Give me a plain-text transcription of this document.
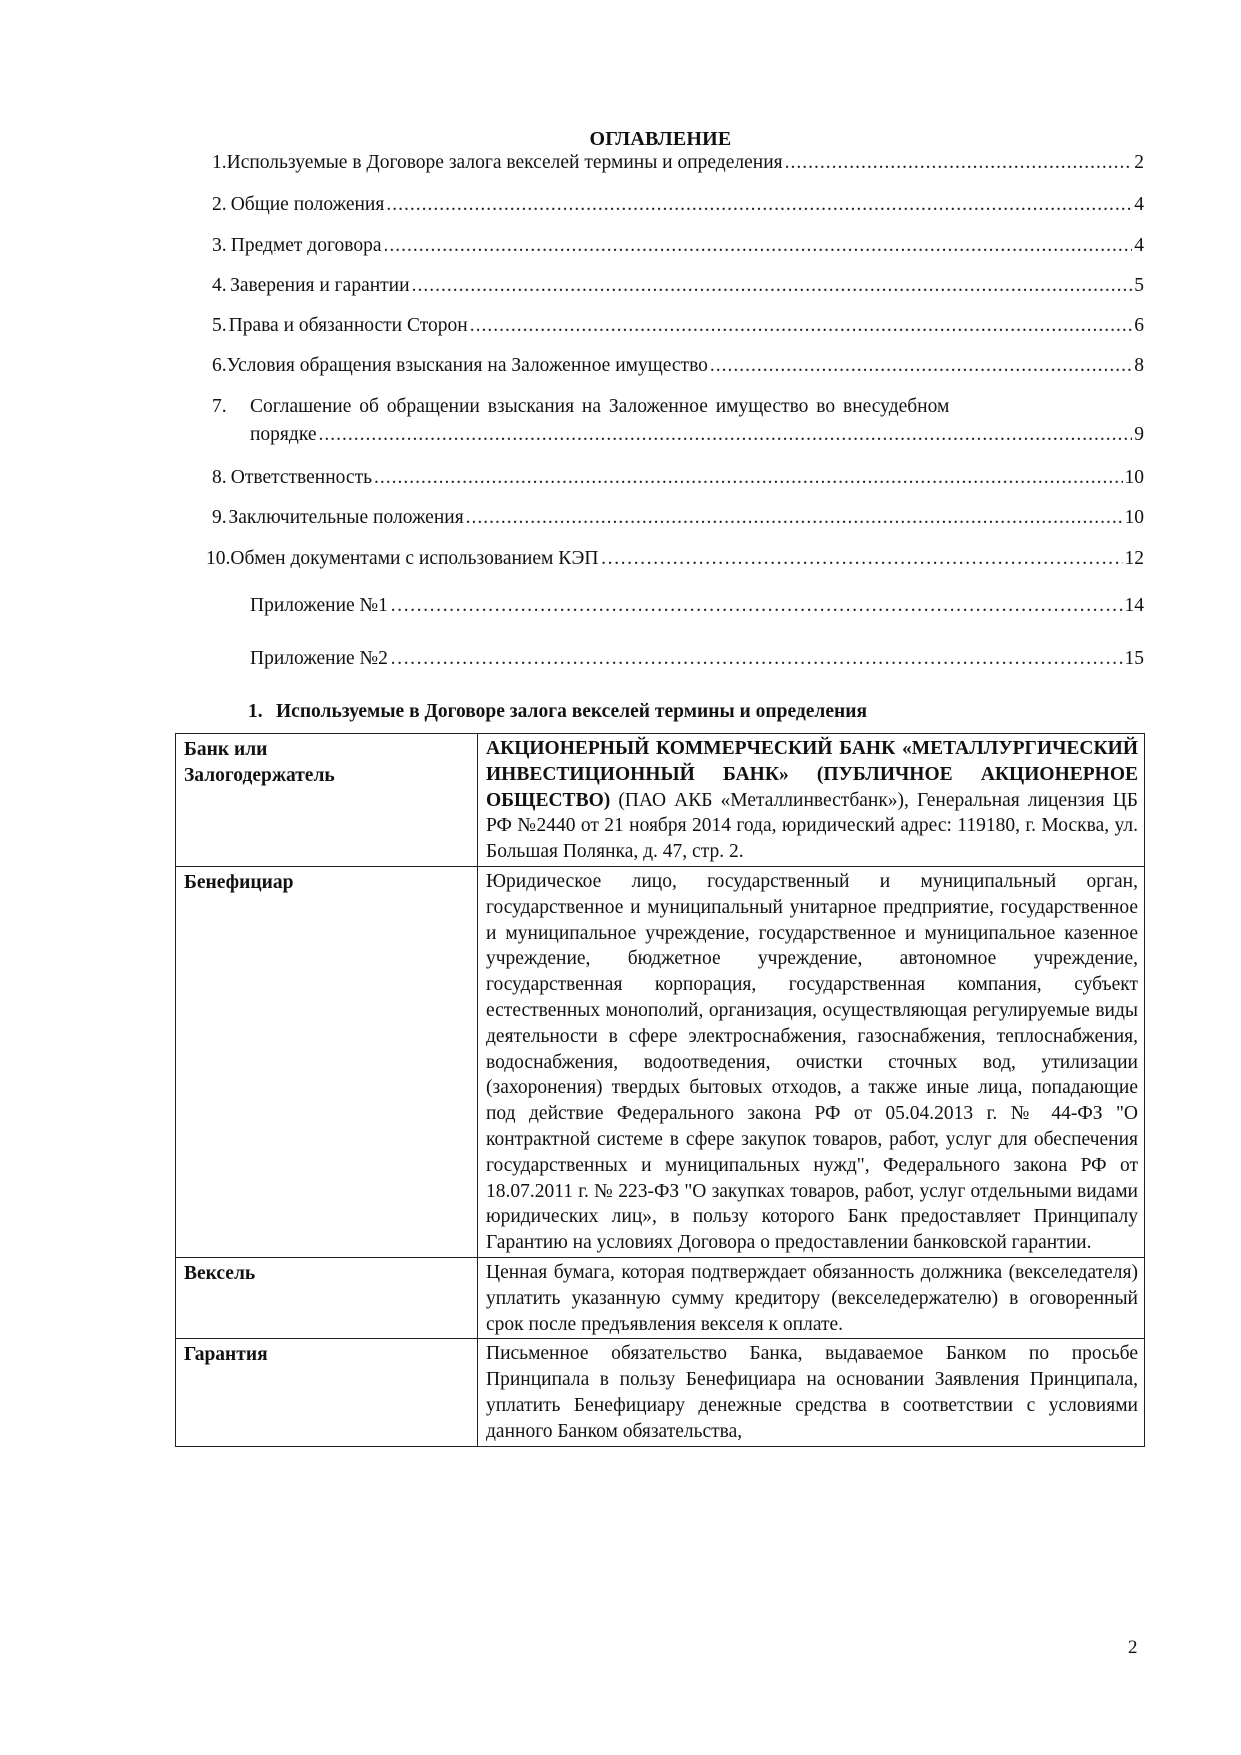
ОГЛАВЛЕНИЕ
1. Используемые в Договоре залога векселей термины и определения .....	2
2. Общие положения .....	4
3. Предмет договора .....	4
4. Заверения и гарантии .....	5
5. Права и обязанности Сторон .....	6
6. Условия обращения взыскания на Заложенное имущество .....	8
7. Соглашение об обращении взыскания на Заложенное имущество во внесудебном
порядке .....	9
8. Ответственность .....	10
9. Заключительные положения .....	10
10. Обмен документами с использованием КЭП ……………………………………………………………………………………………………………………………………………………………………………………………………	12
Приложение №1 ……………………………………………………………………………………………………………………………………………………………………………………………………	14
Приложение №2 ……………………………………………………………………………………………………………………………………………………………………………………………………	15
1. Используемые в Договоре залога векселей термины и определения
Банк или
Залогодержатель	АКЦИОНЕРНЫЙ КОММЕРЧЕСКИЙ БАНК «МЕТАЛЛУРГИЧЕСКИЙ ИНВЕСТИЦИОННЫЙ БАНК» (ПУБЛИЧНОЕ АКЦИОНЕРНОЕ ОБЩЕСТВО) (ПАО АКБ «Металлинвестбанк»), Генеральная лицензия ЦБ РФ №2440 от 21 ноября 2014 года, юридический адрес: 119180, г. Москва, ул. Большая Полянка, д. 47, стр. 2.
Бенефициар	Юридическое лицо, государственный и муниципальный орган, государственное и муниципальный унитарное предприятие, государственное и муниципальное учреждение, государственное и муниципальное казенное учреждение, бюджетное учреждение, автономное учреждение, государственная корпорация, государственная компания, субъект естественных монополий, организация, осуществляющая регулируемые виды деятельности в сфере электроснабжения, газоснабжения, теплоснабжения, водоснабжения, водоотведения, очистки сточных вод, утилизации (захоронения) твердых бытовых отходов, а также иные лица, попадающие под действие Федерального закона РФ от 05.04.2013 г. № 44-ФЗ "О контрактной системе в сфере закупок товаров, работ, услуг для обеспечения государственных и муниципальных нужд", Федерального закона РФ от 18.07.2011 г. № 223-ФЗ "О закупках товаров, работ, услуг отдельными видами юридических лиц», в пользу которого Банк предоставляет Принципалу Гарантию на условиях Договора о предоставлении банковской гарантии.
Вексель	Ценная бумага, которая подтверждает обязанность должника (векселедателя) уплатить указанную сумму кредитору (векселедержателю) в оговоренный срок после предъявления векселя к оплате.
Гарантия	Письменное обязательство Банка, выдаваемое Банком по просьбе Принципала в пользу Бенефициара на основании Заявления Принципала, уплатить Бенефициару денежные средства в соответствии с условиями данного Банком обязательства,
2
